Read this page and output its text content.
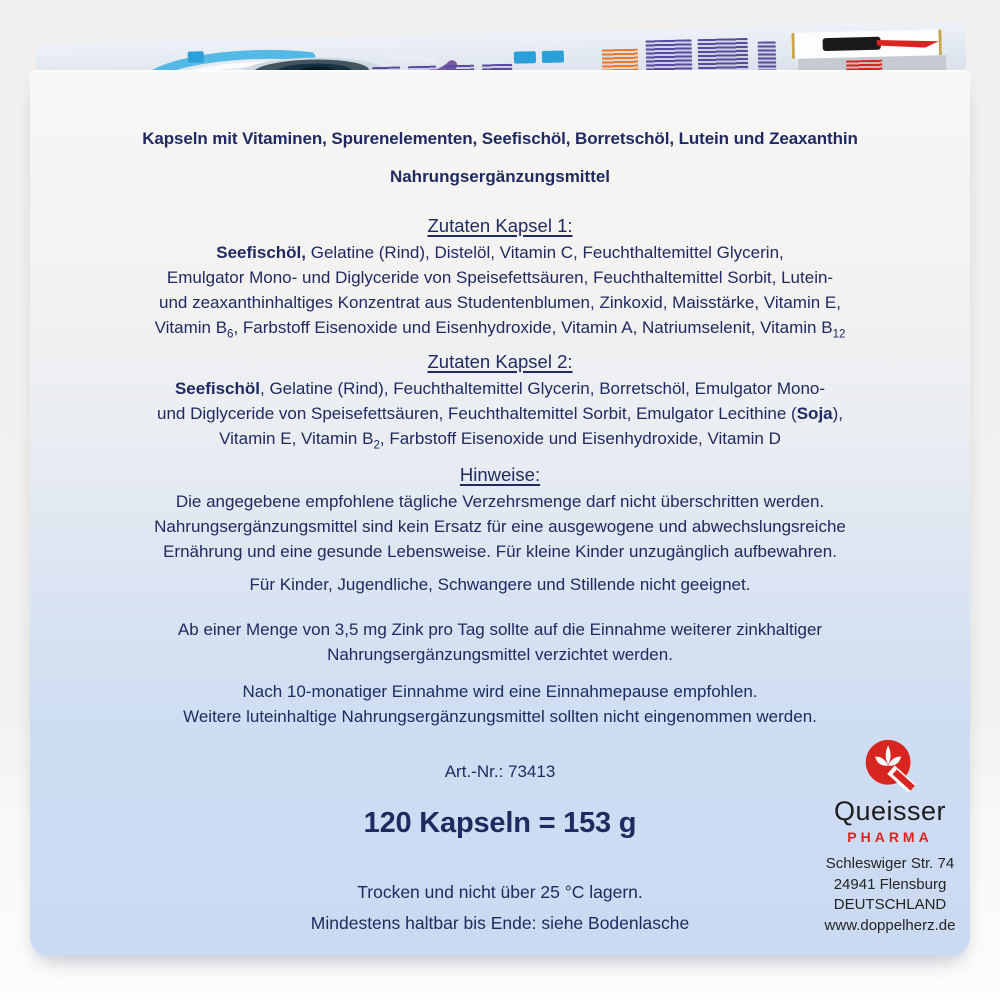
Kapseln mit Vitaminen, Spurenelementen, Seefischöl, Borretschöl, Lutein und Zeaxanthin
Nahrungsergänzungsmittel
Zutaten Kapsel 1:
Seefischöl, Gelatine (Rind), Distelöl, Vitamin C, Feuchthaltemittel Glycerin,
Emulgator Mono- und Diglyceride von Speisefettsäuren, Feuchthaltemittel Sorbit, Lutein-
und zeaxanthinhaltiges Konzentrat aus Studentenblumen, Zinkoxid, Maisstärke, Vitamin E,
Vitamin $B_6$, Farbstoff Eisenoxide und Eisenhydroxide, Vitamin A, Natriumselenit, Vitamin $B_{12}$
Zutaten Kapsel 2:
Seefischöl, Gelatine (Rind), Feuchthaltemittel Glycerin, Borretschöl, Emulgator Mono-
und Diglyceride von Speisefettsäuren, Feuchthaltemittel Sorbit, Emulgator Lecithine (Soja),
Vitamin E, Vitamin $B_2$, Farbstoff Eisenoxide und Eisenhydroxide, Vitamin D
Hinweise:
Die angegebene empfohlene tägliche Verzehrsmenge darf nicht überschritten werden.
Nahrungsergänzungsmittel sind kein Ersatz für eine ausgewogene und abwechslungsreiche
Ernährung und eine gesunde Lebensweise. Für kleine Kinder unzugänglich aufbewahren.
Für Kinder, Jugendliche, Schwangere und Stillende nicht geeignet.
Ab einer Menge von 3,5 mg Zink pro Tag sollte auf die Einnahme weiterer zinkhaltiger
Nahrungsergänzungsmittel verzichtet werden.
Nach 10-monatiger Einnahme wird eine Einnahmepause empfohlen.
Weitere luteinhaltige Nahrungsergänzungsmittel sollten nicht eingenommen werden.
Art.-Nr.: 73413
120 Kapseln = 153 g
Trocken und nicht über 25 °C lagern.
Mindestens haltbar bis Ende: siehe Bodenlasche
Queisser
PHARMA
Schleswiger Str. 74
24941 Flensburg
DEUTSCHLAND
www.doppelherz.de
